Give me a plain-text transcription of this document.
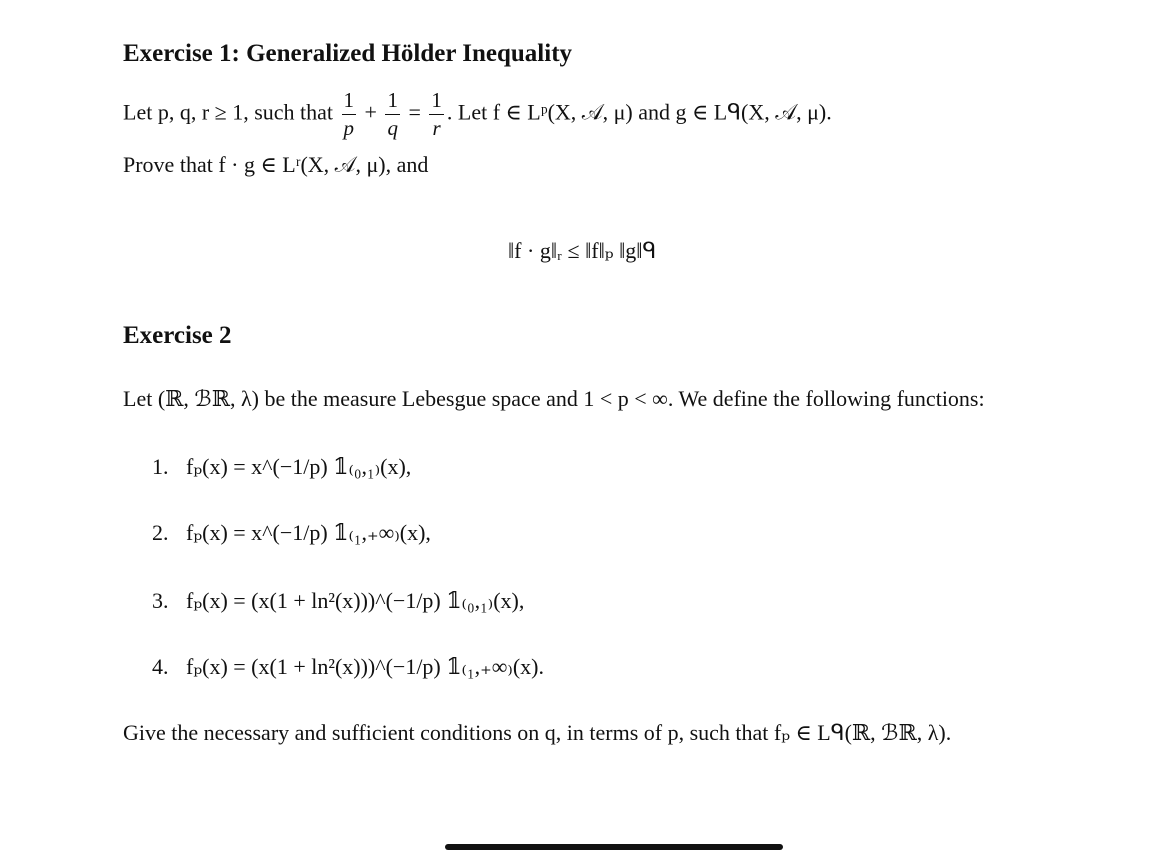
Exercise 1: Generalized Hölder Inequality
Let p, q, r ≥ 1, such that $\frac{1}{p} + \frac{1}{q} = \frac{1}{r}$ . Let f ∈ Lᵖ(X, 𝒜, μ) and g ∈ Lᑫ(X, 𝒜, μ).
Prove that f · g ∈ Lʳ(X, 𝒜, μ), and
‖f · g‖ᵣ ≤ ‖f‖ₚ ‖g‖ᑫ
Exercise 2
Let (ℝ, ℬℝ, λ) be the measure Lebesgue space and 1 < p < ∞. We define the following functions:
1. fₚ(x) = x^(−1/p) 𝟙₍₀,₁₎(x),
2. fₚ(x) = x^(−1/p) 𝟙₍₁,₊∞₎(x),
3. fₚ(x) = (x(1 + ln²(x)))^(−1/p) 𝟙₍₀,₁₎(x),
4. fₚ(x) = (x(1 + ln²(x)))^(−1/p) 𝟙₍₁,₊∞₎(x).
Give the necessary and sufficient conditions on q, in terms of p, such that fₚ ∈ Lᑫ(ℝ, ℬℝ, λ).
